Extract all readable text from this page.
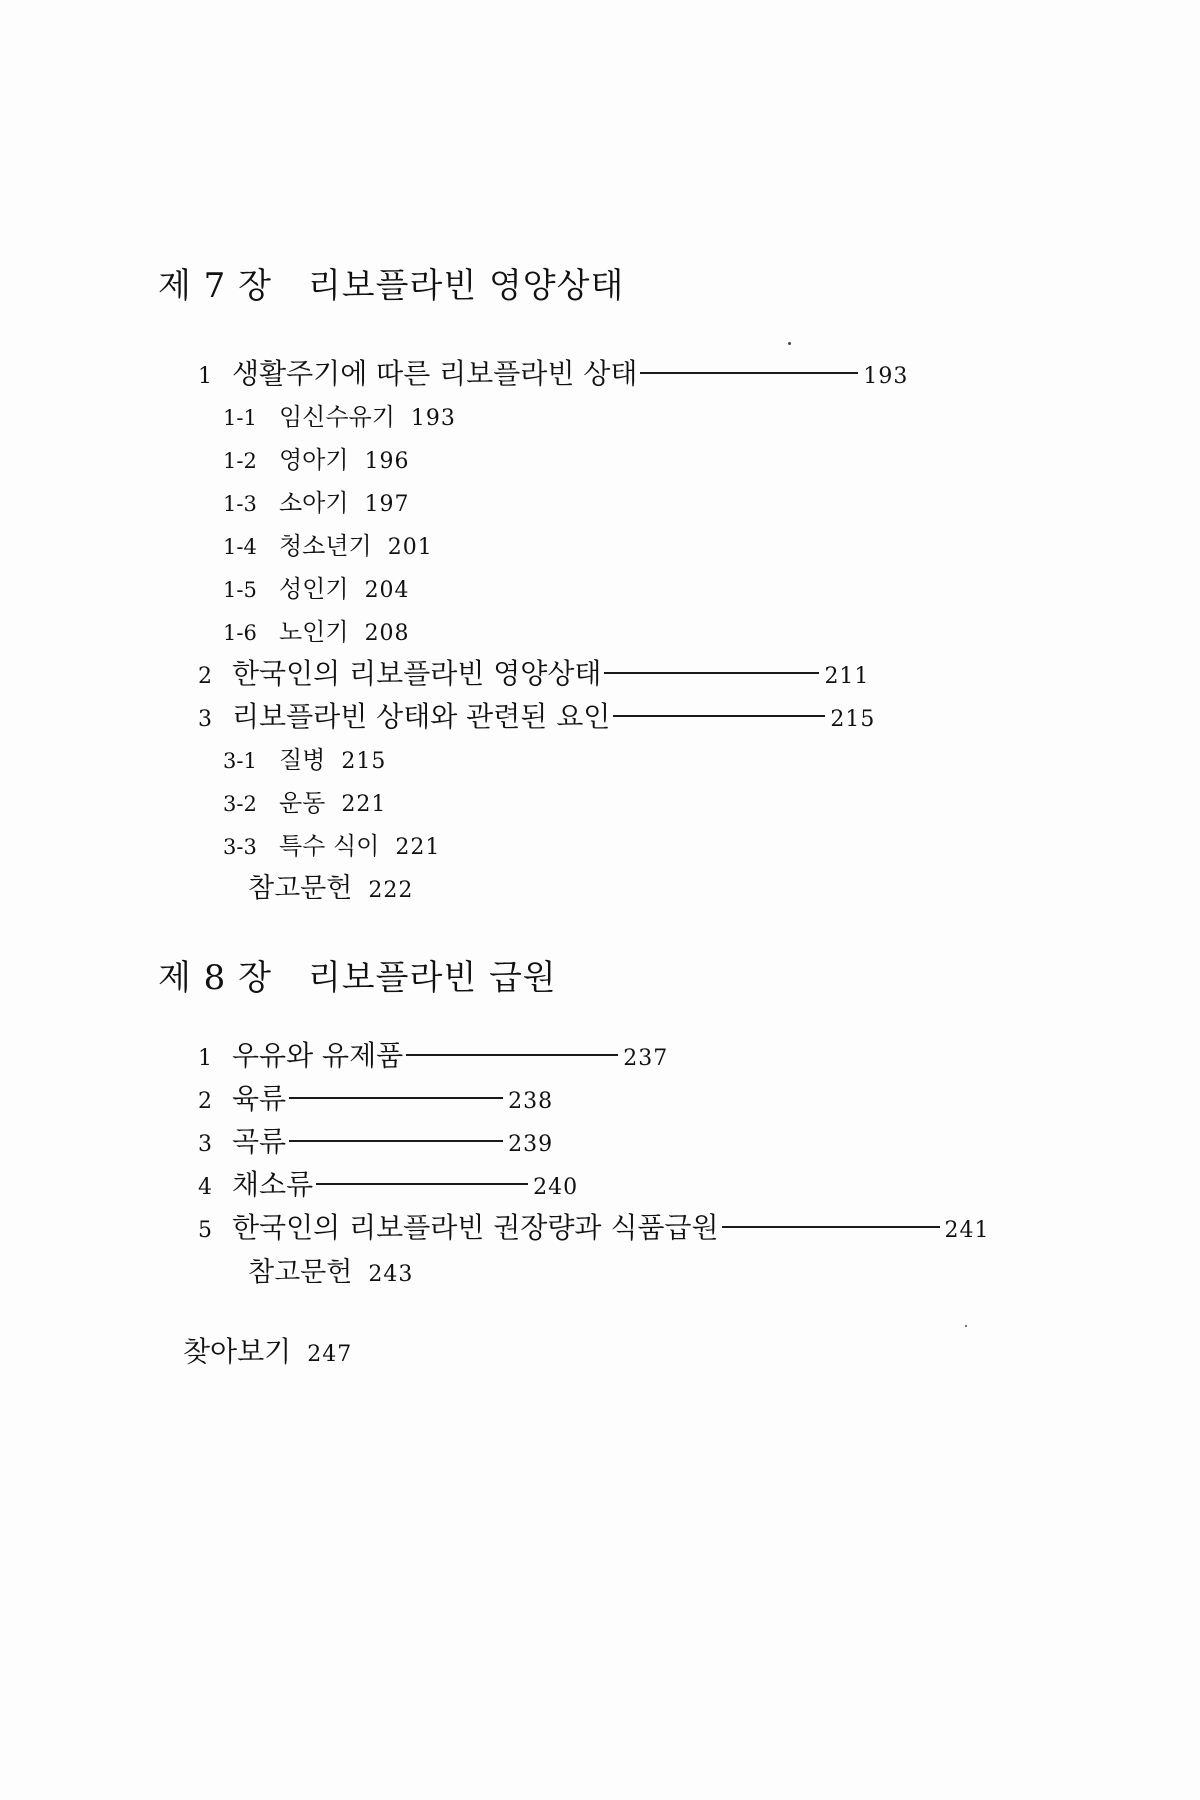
제 7 장 리보플라빈 영양상태
1 생활주기에 따른 리보플라빈 상태	193
1-1 임신수유기 193
1-2 영아기 196
1-3 소아기 197
1-4 청소년기 201
1-5 성인기 204
1-6 노인기 208
2 한국인의 리보플라빈 영양상태	211
3 리보플라빈 상태와 관련된 요인	215
3-1 질병 215
3-2 운동 221
3-3 특수 식이 221
참고문헌 222
제 8 장 리보플라빈 급원
1 우유와 유제품	237
2 육류	238
3 곡류	239
4 채소류	240
5 한국인의 리보플라빈 권장량과 식품급원	241
참고문헌 243
찾아보기 247
